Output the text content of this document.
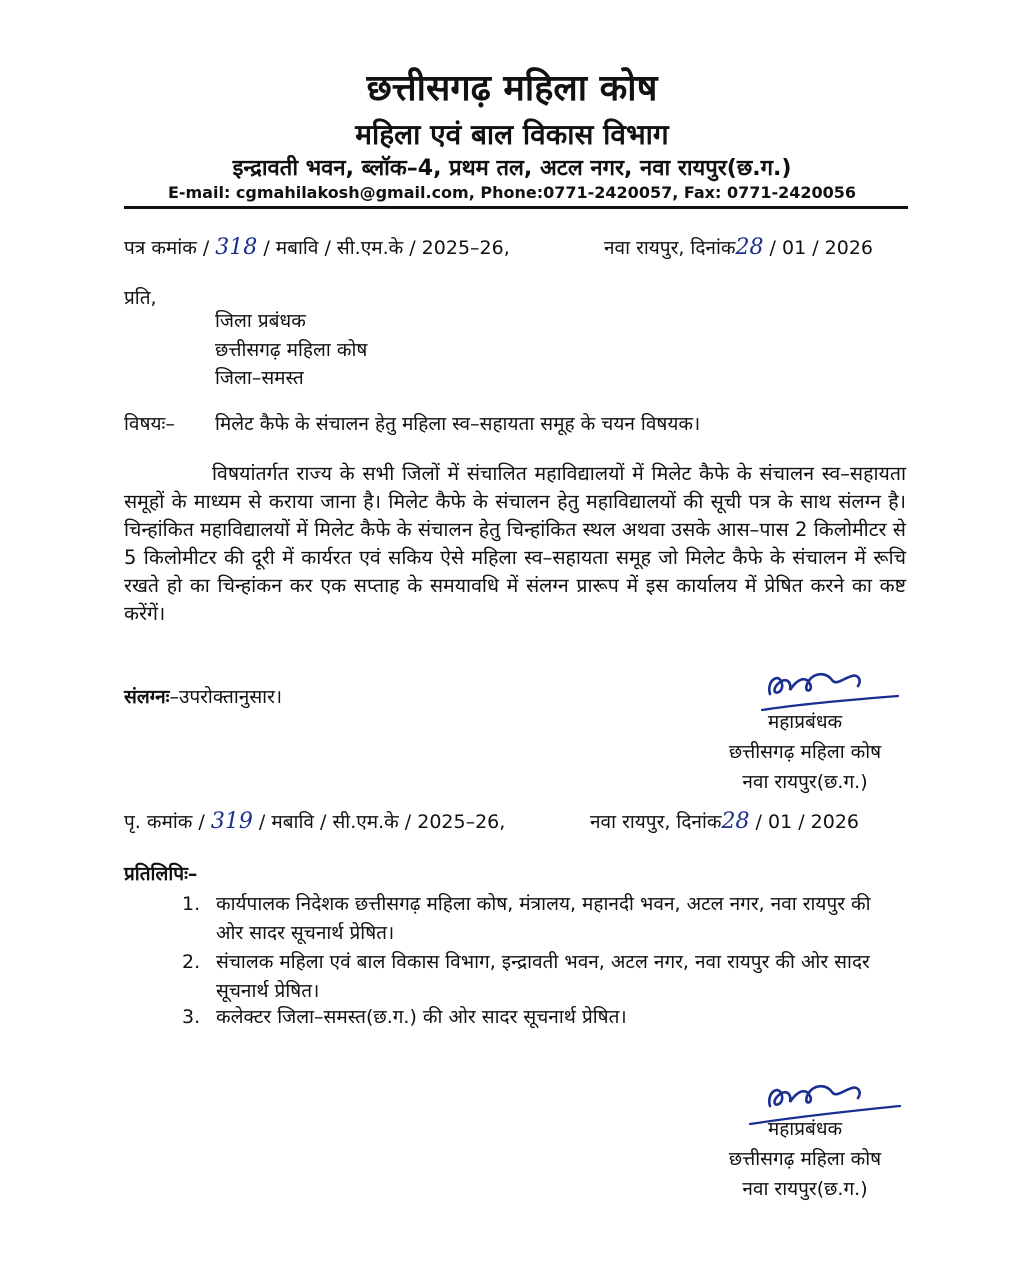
छत्तीसगढ़ महिला कोष
महिला एवं बाल विकास विभाग
इन्द्रावती भवन, ब्लॉक–4, प्रथम तल, अटल नगर, नवा रायपुर(छ.ग.)
E-mail: cgmahilakosh@gmail.com, Phone:0771-2420057, Fax: 0771-2420056
पत्र कमांक / 318 / मबावि / सी.एम.के / 2025–26,	नवा रायपुर, दिनांक28 / 01 / 2026
प्रति,
जिला प्रबंधक
छत्तीसगढ़ महिला कोष
जिला–समस्त
विषयः– मिलेट कैफे के संचालन हेतु महिला स्व–सहायता समूह के चयन विषयक।
विषयांतर्गत राज्य के सभी जिलों में संचालित महाविद्यालयों में मिलेट कैफे के संचालन स्व–सहायता समूहों के माध्यम से कराया जाना है। मिलेट कैफे के संचालन हेतु महाविद्यालयों की सूची पत्र के साथ संलग्न है। चिन्हांकित महाविद्यालयों में मिलेट कैफे के संचालन हेतु चिन्हांकित स्थल अथवा उसके आस–पास 2 किलोमीटर से 5 किलोमीटर की दूरी में कार्यरत एवं सकिय ऐसे महिला स्व–सहायता समूह जो मिलेट कैफे के संचालन में रूचि रखते हो का चिन्हांकन कर एक सप्ताह के समयावधि में संलग्न प्रारूप में इस कार्यालय में प्रेषित करने का कष्ट करेंगें।
संलग्नः–उपरोक्तानुसार।
महाप्रबंधक
छत्तीसगढ़ महिला कोष
नवा रायपुर(छ.ग.)
पृ. कमांक / 319 / मबावि / सी.एम.के / 2025–26,	नवा रायपुर, दिनांक28 / 01 / 2026
प्रतिलिपिः–
1. कार्यपालक निदेशक छत्तीसगढ़ महिला कोष, मंत्रालय, महानदी भवन, अटल नगर, नवा रायपुर की ओर सादर सूचनार्थ प्रेषित।
2. संचालक महिला एवं बाल विकास विभाग, इन्द्रावती भवन, अटल नगर, नवा रायपुर की ओर सादर सूचनार्थ प्रेषित।
3. कलेक्टर जिला–समस्त(छ.ग.) की ओर सादर सूचनार्थ प्रेषित।
महाप्रबंधक
छत्तीसगढ़ महिला कोष
नवा रायपुर(छ.ग.)
